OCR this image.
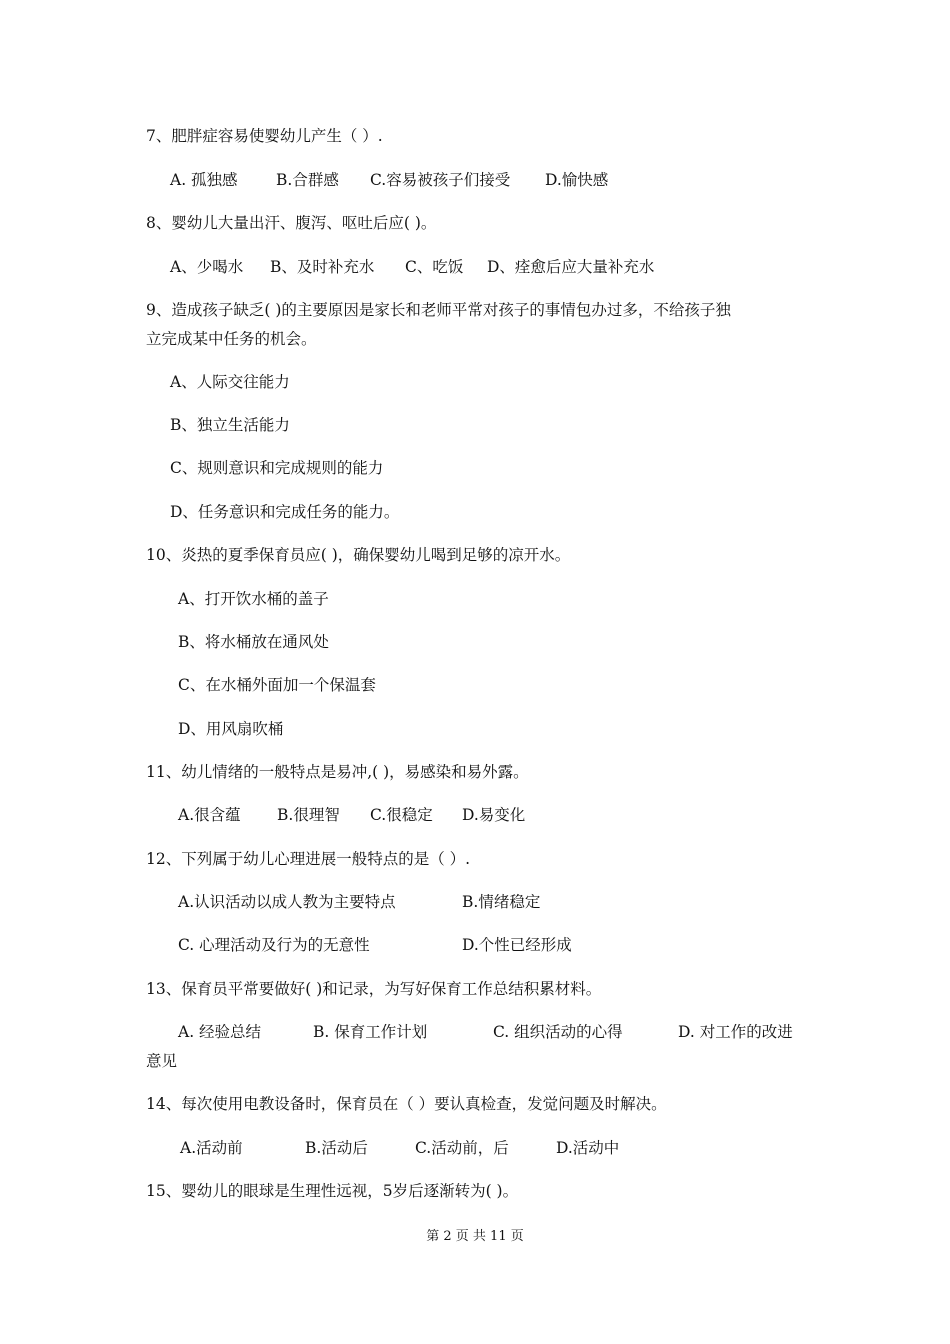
7、肥胖症容易使婴幼儿产生（ ）.
A. 孤独感 B.合群感 C.容易被孩子们接受 D.愉快感
8、婴幼儿大量出汗、腹泻、呕吐后应( )。
A、少喝水 B、及时补充水 C、吃饭 D、痊愈后应大量补充水
9、造成孩子缺乏( )的主要原因是家长和老师平常对孩子的事情包办过多，不给孩子独
立完成某中任务的机会。
A、人际交往能力
B、独立生活能力
C、规则意识和完成规则的能力
D、任务意识和完成任务的能力。
10、炎热的夏季保育员应( )，确保婴幼儿喝到足够的凉开水。
A、打开饮水桶的盖子
B、将水桶放在通风处
C、在水桶外面加一个保温套
D、用风扇吹桶
11、幼儿情绪的一般特点是易冲,( )，易感染和易外露。
A.很含蕴 B.很理智 C.很稳定 D.易变化
12、下列属于幼儿心理进展一般特点的是（ ）.
A.认识活动以成人教为主要特点	B.情绪稳定
C. 心理活动及行为的无意性	D.个性已经形成
13、保育员平常要做好( )和记录，为写好保育工作总结积累材料。
A. 经验总结	B. 保育工作计划	C. 组织活动的心得	D. 对工作的改进
意见
14、每次使用电教设备时，保育员在（ ）要认真检查，发觉问题及时解决。
A.活动前	B.活动后	C.活动前，后	D.活动中
15、婴幼儿的眼球是生理性远视，5岁后逐渐转为( )。
第 2 页 共 11 页
